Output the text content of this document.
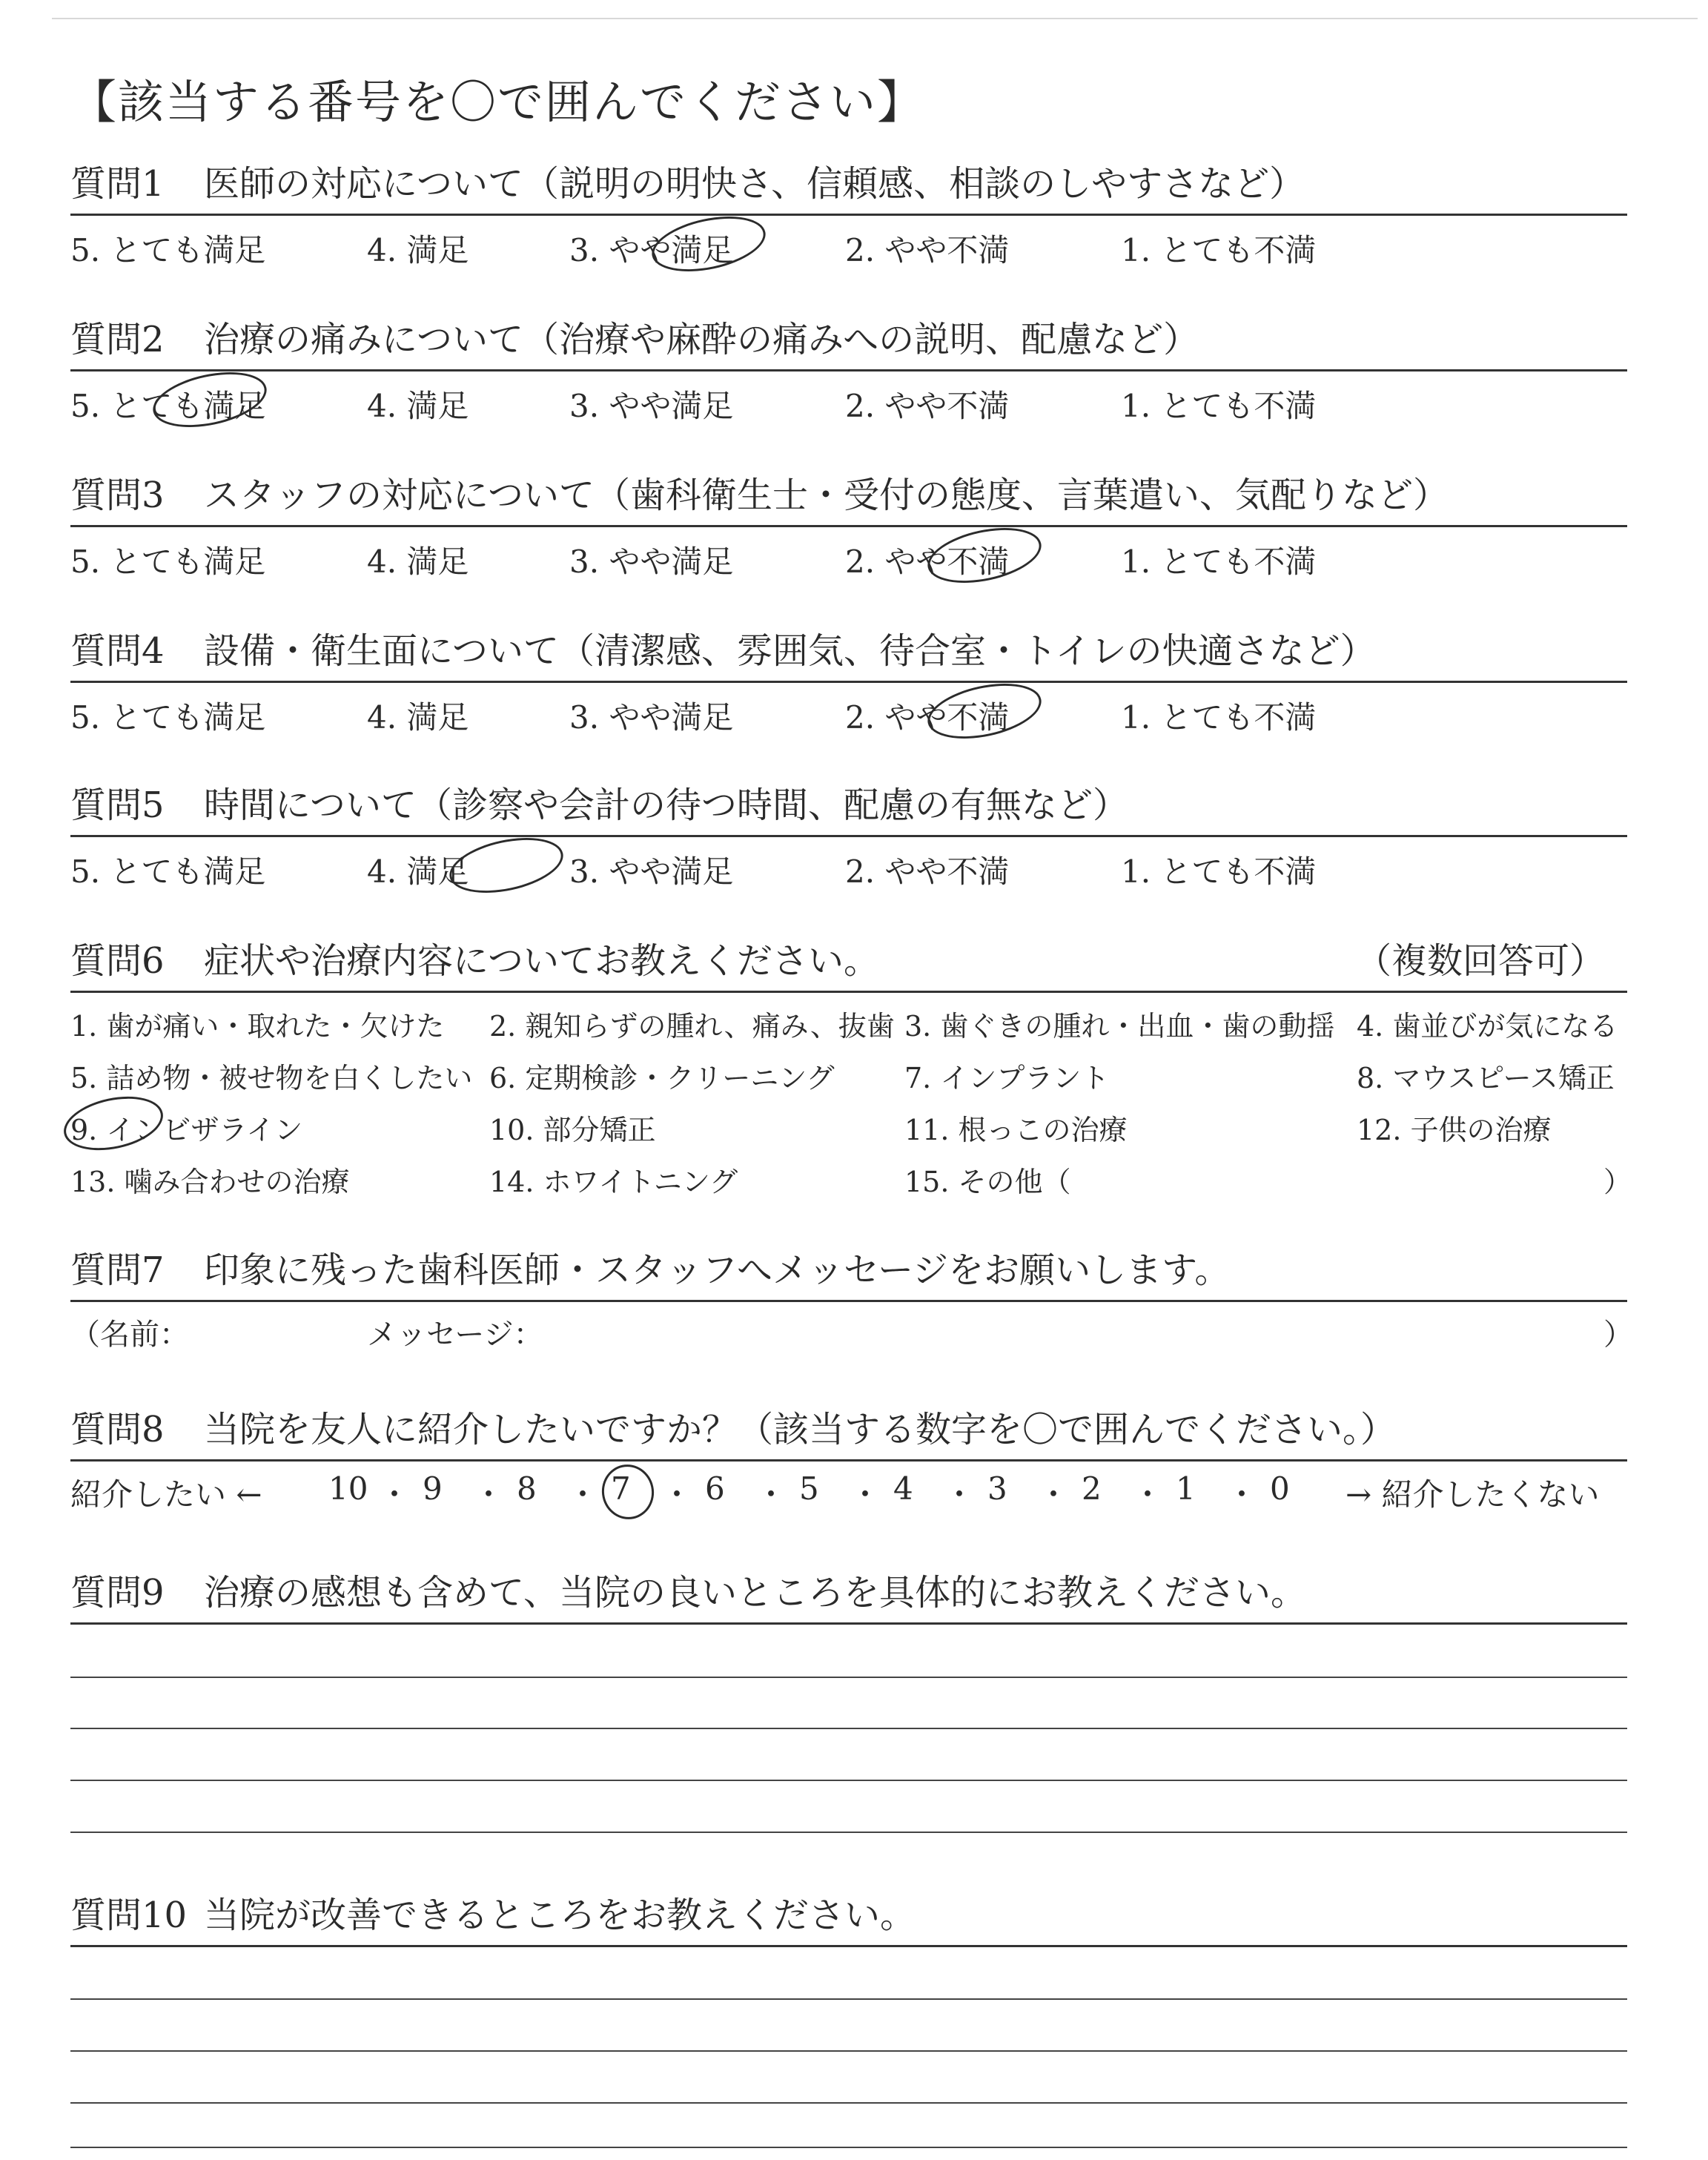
【該当する番号を〇で囲んでください】
質問1 医師の対応について（説明の明快さ、信頼感、相談のしやすさなど）
5. とても満足	4. 満足	3. やや満足	2. やや不満	1. とても不満
質問2 治療の痛みについて（治療や麻酔の痛みへの説明、配慮など）
5. とても満足	4. 満足	3. やや満足	2. やや不満	1. とても不満
質問3 スタッフの対応について（歯科衛生士・受付の態度、言葉遣い、気配りなど）
5. とても満足	4. 満足	3. やや満足	2. やや不満	1. とても不満
質問4 設備・衛生面について（清潔感、雰囲気、待合室・トイレの快適さなど）
5. とても満足	4. 満足	3. やや満足	2. やや不満	1. とても不満
質問5 時間について（診察や会計の待つ時間、配慮の有無など）
5. とても満足	4. 満足	3. やや満足	2. やや不満	1. とても不満
質問6 症状や治療内容についてお教えください。	（複数回答可）
1. 歯が痛い・取れた・欠けた 2. 親知らずの腫れ、痛み、抜歯 3. 歯ぐきの腫れ・出血・歯の動揺 4. 歯並びが気になる
5. 詰め物・被せ物を白くしたい 6. 定期検診・クリーニング 7. インプラント	8. マウスピース矯正
9. インビザライン	10. 部分矯正	11. 根っこの治療	12. 子供の治療
13. 噛み合わせの治療	14. ホワイトニング	15. その他（	）
質問7 印象に残った歯科医師・スタッフへメッセージをお願いします。
（名前：	メッセージ：	）
質問8 当院を友人に紹介したいですか？（該当する数字を〇で囲んでください。）
紹介したい ←	→ 紹介したくない
10 ・ 9 ・ 8 ・ 7 ・ 6 ・ 5 ・ 4 ・ 3 ・ 2 ・ 1 ・ 0
質問9 治療の感想も含めて、当院の良いところを具体的にお教えください。
質問10 当院が改善できるところをお教えください。
